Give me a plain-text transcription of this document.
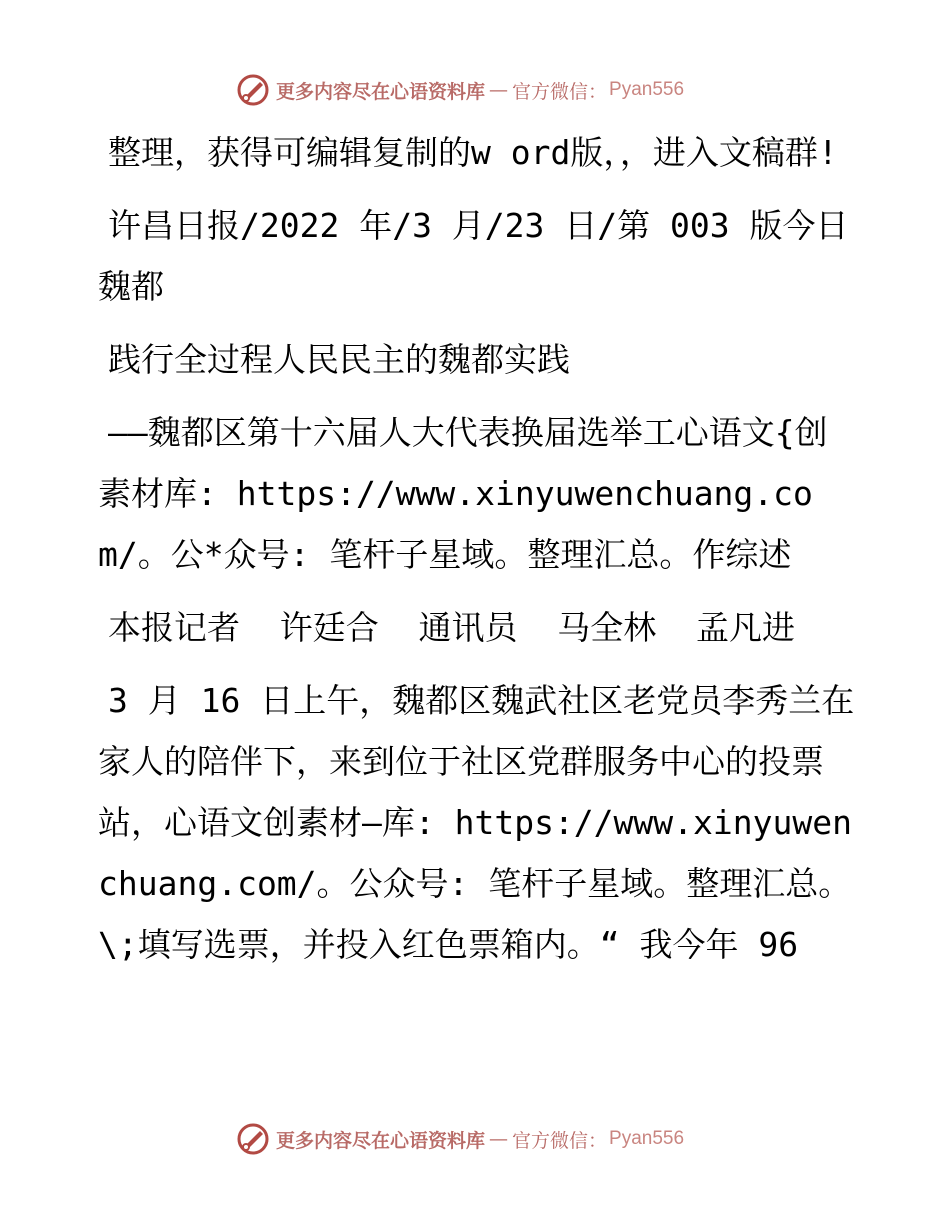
更多内容尽在心语资料库 — 官方微信： Pyan556

整理，获得可编辑复制的w ord版，，进入文稿群!

许昌日报/2022 年/3 月/23 日/第 003 版今日魏都

践行全过程人民民主的魏都实践

——魏都区第十六届人大代表换届选举工心语文{创素材库: https://www.xinyuwenchuang.com/。公*众号: 笔杆子星域。整理汇总。作综述

本报记者  许廷合  通讯员  马全林  孟凡进

3 月 16 日上午，魏都区魏武社区老党员李秀兰在家人的陪伴下，来到位于社区党群服务中心的投票站，心语文创素材—库: https://www.xinyuwenchuang.com/。公众号: 笔杆子星域。整理汇总。\;填写选票，并投入红色票箱内。“ 我今年 96

更多内容尽在心语资料库 — 官方微信： Pyan556
